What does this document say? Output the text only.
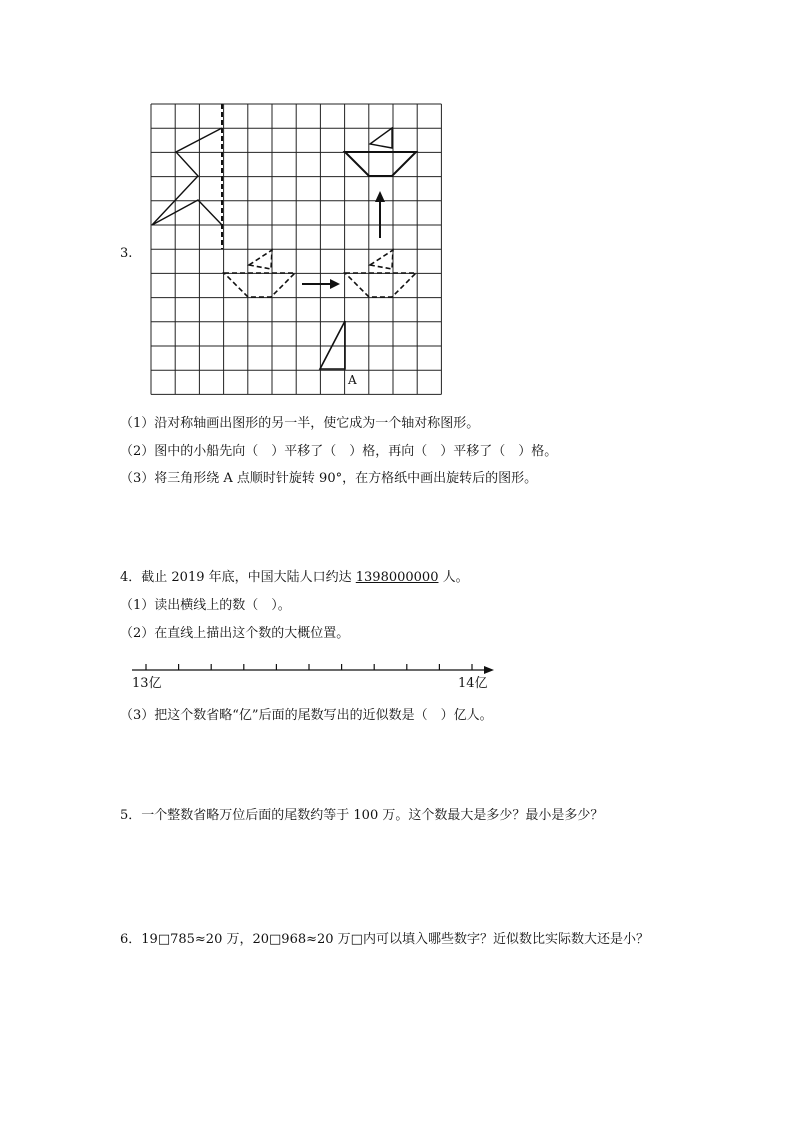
3.
A
（1）沿对称轴画出图形的另一半，使它成为一个轴对称图形。
（2）图中的小船先向（　）平移了（　）格，再向（　）平移了（　）格。
（3）将三角形绕 A 点顺时针旋转 90°，在方格纸中画出旋转后的图形。
4．截止 2019 年底，中国大陆人口约达 1398000000 人。
（1）读出横线上的数（　）。
（2）在直线上描出这个数的大概位置。
13亿	14亿
（3）把这个数省略“亿”后面的尾数写出的近似数是（　）亿人。
5．一个整数省略万位后面的尾数约等于 100 万。这个数最大是多少？最小是多少？
6．19□785≈20 万，20□968≈20 万□内可以填入哪些数字？近似数比实际数大还是小？
